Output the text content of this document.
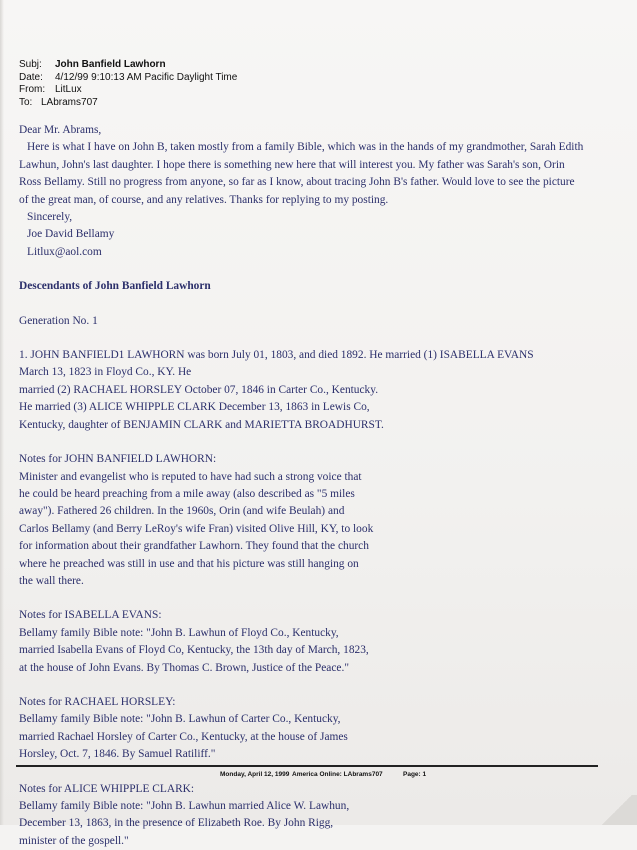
Subj:	John Banfield Lawhorn
Date:	4/12/99 9:10:13 AM Pacific Daylight Time
From: LitLux
To: LAbrams707

Dear Mr. Abrams,

Here is what I have on John B, taken mostly from a family Bible, which was in the hands of my grandmother, Sarah Edith

Lawhun, John's last daughter. I hope there is something new here that will interest you. My father was Sarah's son, Orin

Ross Bellamy. Still no progress from anyone, so far as I know, about tracing John B's father. Would love to see the picture

of the great man, of course, and any relatives. Thanks for replying to my posting.

Sincerely,

Joe David Bellamy

Litlux@aol.com

Descendants of John Banfield Lawhorn

Generation No. 1

1. JOHN BANFIELD1 LAWHORN was born July 01, 1803, and died 1892. He married (1) ISABELLA EVANS

March 13, 1823 in Floyd Co., KY. He

married (2) RACHAEL HORSLEY October 07, 1846 in Carter Co., Kentucky.

He married (3) ALICE WHIPPLE CLARK December 13, 1863 in Lewis Co,

Kentucky, daughter of BENJAMIN CLARK and MARIETTA BROADHURST.

Notes for JOHN BANFIELD LAWHORN:

Minister and evangelist who is reputed to have had such a strong voice that

he could be heard preaching from a mile away (also described as "5 miles

away"). Fathered 26 children. In the 1960s, Orin (and wife Beulah) and

Carlos Bellamy (and Berry LeRoy's wife Fran) visited Olive Hill, KY, to look

for information about their grandfather Lawhorn. They found that the church

where he preached was still in use and that his picture was still hanging on

the wall there.

Notes for ISABELLA EVANS:

Bellamy family Bible note: "John B. Lawhun of Floyd Co., Kentucky,

married Isabella Evans of Floyd Co, Kentucky, the 13th day of March, 1823,

at the house of John Evans. By Thomas C. Brown, Justice of the Peace."

Notes for RACHAEL HORSLEY:

Bellamy family Bible note: "John B. Lawhun of Carter Co., Kentucky,

married Rachael Horsley of Carter Co., Kentucky, at the house of James

Horsley, Oct. 7, 1846. By Samuel Ratiliff."

Notes for ALICE WHIPPLE CLARK:

Bellamy family Bible note: "John B. Lawhun married Alice W. Lawhun,

December 13, 1863, in the presence of Elizabeth Roe. By John Rigg,

minister of the gospell."

Monday, April 12, 1999 America Online: LAbrams707	Page: 1
